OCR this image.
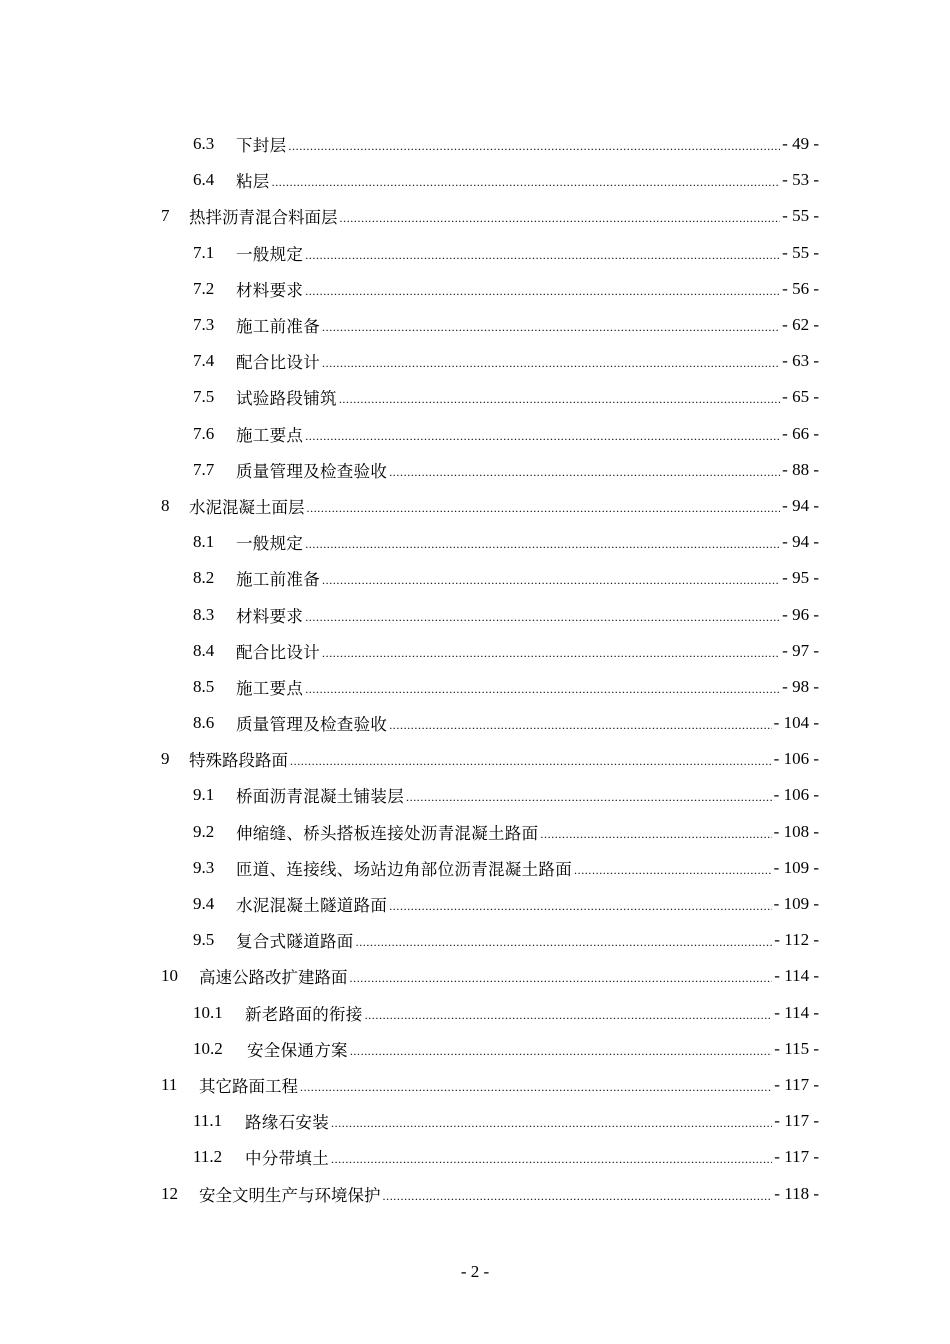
6.3	下封层 .....	- 49 -
6.4	粘层 .....	- 53 -
7	热拌沥青混合料面层 .....	- 55 -
7.1	一般规定 .....	- 55 -
7.2	材料要求 .....	- 56 -
7.3	施工前准备 .....	- 62 -
7.4	配合比设计 .....	- 63 -
7.5	试验路段铺筑 .....	- 65 -
7.6	施工要点 .....	- 66 -
7.7	质量管理及检查验收 .....	- 88 -
8	水泥混凝土面层 .....	- 94 -
8.1	一般规定 .....	- 94 -
8.2	施工前准备 .....	- 95 -
8.3	材料要求 .....	- 96 -
8.4	配合比设计 .....	- 97 -
8.5	施工要点 .....	- 98 -
8.6	质量管理及检查验收 .....	- 104 -
9	特殊路段路面 .....	- 106 -
9.1	桥面沥青混凝土铺装层 .....	- 106 -
9.2	伸缩缝、桥头搭板连接处沥青混凝土路面 .....	- 108 -
9.3	匝道、连接线、场站边角部位沥青混凝土路面 .....	- 109 -
9.4	水泥混凝土隧道路面 .....	- 109 -
9.5	复合式隧道路面 .....	- 112 -
10	高速公路改扩建路面 .....	- 114 -
10.1	新老路面的衔接 .....	- 114 -
10.2	安全保通方案 .....	- 115 -
11	其它路面工程 .....	- 117 -
11.1	路缘石安装 .....	- 117 -
11.2	中分带填土 .....	- 117 -
12	安全文明生产与环境保护 .....	- 118 -
- 2 -
